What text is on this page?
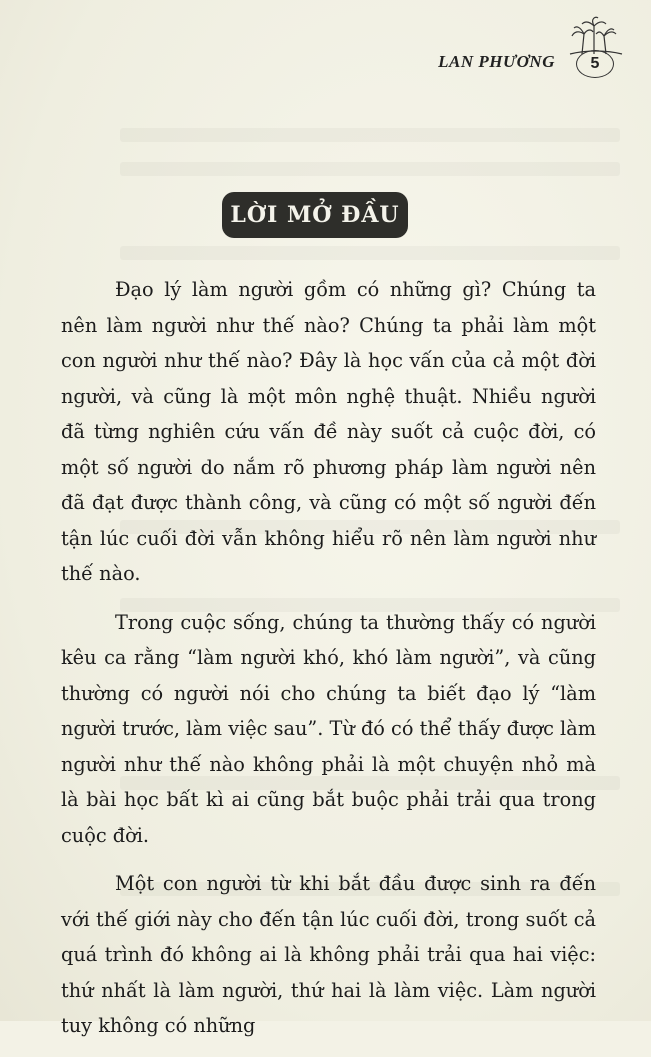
LAN PHƯƠNG	5
LỜI MỞ ĐẦU

Đạo lý làm người gồm có những gì? Chúng ta nên làm người như thế nào? Chúng ta phải làm một con người như thế nào? Đây là học vấn của cả một đời người, và cũng là một môn nghệ thuật. Nhiều người đã từng nghiên cứu vấn đề này suốt cả cuộc đời, có một số người do nắm rõ phương pháp làm người nên đã đạt được thành công, và cũng có một số người đến tận lúc cuối đời vẫn không hiểu rõ nên làm người như thế nào.

Trong cuộc sống, chúng ta thường thấy có người kêu ca rằng “làm người khó, khó làm người”, và cũng thường có người nói cho chúng ta biết đạo lý “làm người trước, làm việc sau”. Từ đó có thể thấy được làm người như thế nào không phải là một chuyện nhỏ mà là bài học bất kì ai cũng bắt buộc phải trải qua trong cuộc đời.

Một con người từ khi bắt đầu được sinh ra đến với thế giới này cho đến tận lúc cuối đời, trong suốt cả quá trình đó không ai là không phải trải qua hai việc: thứ nhất là làm người, thứ hai là làm việc. Làm người tuy không có những
